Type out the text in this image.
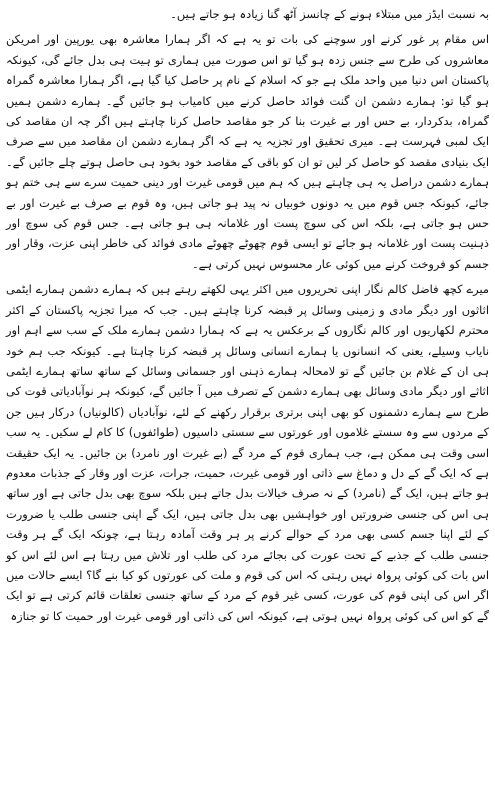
بہ نسبت ایڈز میں مبتلاء ہونے کے چانسز آٹھ گنا زیادہ ہو جاتے ہیں۔

اس مقام پر غور کرنے اور سوچنے کی بات تو یہ ہے کہ اگر ہمارا معاشرہ بھی یورپین اور امریکن معاشروں کی طرح سے جنس زدہ ہو گیا تو اس صورت میں ہماری تو ہیت ہی بدل جائے گی، کیونکہ پاکستان اس دنیا میں واحد ملک ہے جو کہ اسلام کے نام پر حاصل کیا گیا ہے، اگر ہمارا معاشرہ گمراہ ہو گیا تو: ہمارے دشمن ان گنت فوائد حاصل کرنے میں کامیاب ہو جائیں گے۔ ہمارے دشمن ہمیں گمراہ، بدکردار، بے حس اور بے غیرت بنا کر جو مقاصد حاصل کرنا چاہتے ہیں اگر چہ ان مقاصد کی ایک لمبی فہرست ہے۔ میری تحقیق اور تجزیہ یہ ہے کہ اگر ہمارے دشمن ان مقاصد میں سے صرف ایک بنیادی مقصد کو حاصل کر لیں تو ان کو باقی کے مقاصد خود بخود ہی حاصل ہوتے چلے جائیں گے۔ ہمارے دشمن دراصل یہ ہی چاہتے ہیں کہ ہم میں قومی غیرت اور دینی حمیت سرے سے ہی ختم ہو جائے، کیونکہ جس قوم میں یہ دونوں خوبیاں نہ پید ہو جاتی ہیں، وہ قوم بے صرف بے غیرت اور بے حس ہو جاتی ہے، بلکہ اس کی سوچ پست اور غلامانہ ہی ہو جاتی ہے۔ جس قوم کی سوچ اور ذہنیت پست اور غلامانہ ہو جائے تو ایسی قوم چھوٹے چھوٹے مادی فوائد کی خاطر اپنی عزت، وقار اور جسم کو فروخت کرنے میں کوئی عار محسوس نہیں کرتی ہے۔

میرے کچھ فاضل کالم نگار اپنی تحریروں میں اکثر یہی لکھتے رہتے ہیں کہ ہمارے دشمن ہمارے ایٹمی اثاثوں اور دیگر مادی و زمینی وسائل پر قبضہ کرنا چاہتے ہیں۔ جب کہ میرا تجزیہ پاکستان کے اکثر محترم لکھاریوں اور کالم نگاروں کے برعکس یہ ہے کہ ہمارا دشمن ہمارے ملک کے سب سے اہم اور نایاب وسیلے، یعنی کہ انسانوں یا ہمارے انسانی وسائل پر قبضہ کرنا چاہتا ہے۔ کیونکہ جب ہم خود ہی ان کے غلام بن جائیں گے تو لامحالہ ہمارے ذہنی اور جسمانی وسائل کے ساتھ ساتھ ہمارے ایٹمی اثاثے اور دیگر مادی وسائل بھی ہمارے دشمن کے تصرف میں آ جائیں گے، کیونکہ ہر نوآبادیاتی قوت کی طرح سے ہمارے دشمنوں کو بھی اپنی برتری برقرار رکھنے کے لئے، نوآبادیاں (کالونیاں) درکار ہیں جن کے مردوں سے وہ سستے غلاموں اور عورتوں سے سستی داسیوں (طوائفوں) کا کام لے سکیں۔ یہ سب اسی وقت ہی ممکن ہے، جب ہماری قوم کے مرد گے (بے غیرت اور نامرد) بن جائیں۔ یہ ایک حقیقت ہے کہ ایک گے کے دل و دماغ سے ذاتی اور قومی غیرت، حمیت، جرات، عزت اور وقار کے جذبات معدوم ہو جاتے ہیں، ایک گے (نامرد) کے نہ صرف خیالات بدل جاتے ہیں بلکہ سوچ بھی بدل جاتی ہے اور ساتھ ہی اس کی جنسی ضرورتیں اور خواہشیں بھی بدل جاتی ہیں، ایک گے اپنی جنسی طلب یا ضرورت کے لئے اپنا جسم کسی بھی مرد کے حوالے کرنے پر ہر وقت آمادہ رہتا ہے، چونکہ ایک گے ہر وقت جنسی طلب کے جذبے کے تحت عورت کی بجائے مرد کی طلب اور تلاش میں رہتا ہے اس لئے اس کو اس بات کی کوئی پرواہ نہیں رہتی کہ اس کی قوم و ملت کی عورتوں کو کیا بنے گا؟ ایسے حالات میں اگر اس کی اپنی قوم کی عورت، کسی غیر قوم کے مرد کے ساتھ جنسی تعلقات قائم کرتی ہے تو ایک گے کو اس کی کوئی پرواہ نہیں ہوتی ہے، کیونکہ اس کی ذاتی اور قومی غیرت اور حمیت کا تو جنازہ
